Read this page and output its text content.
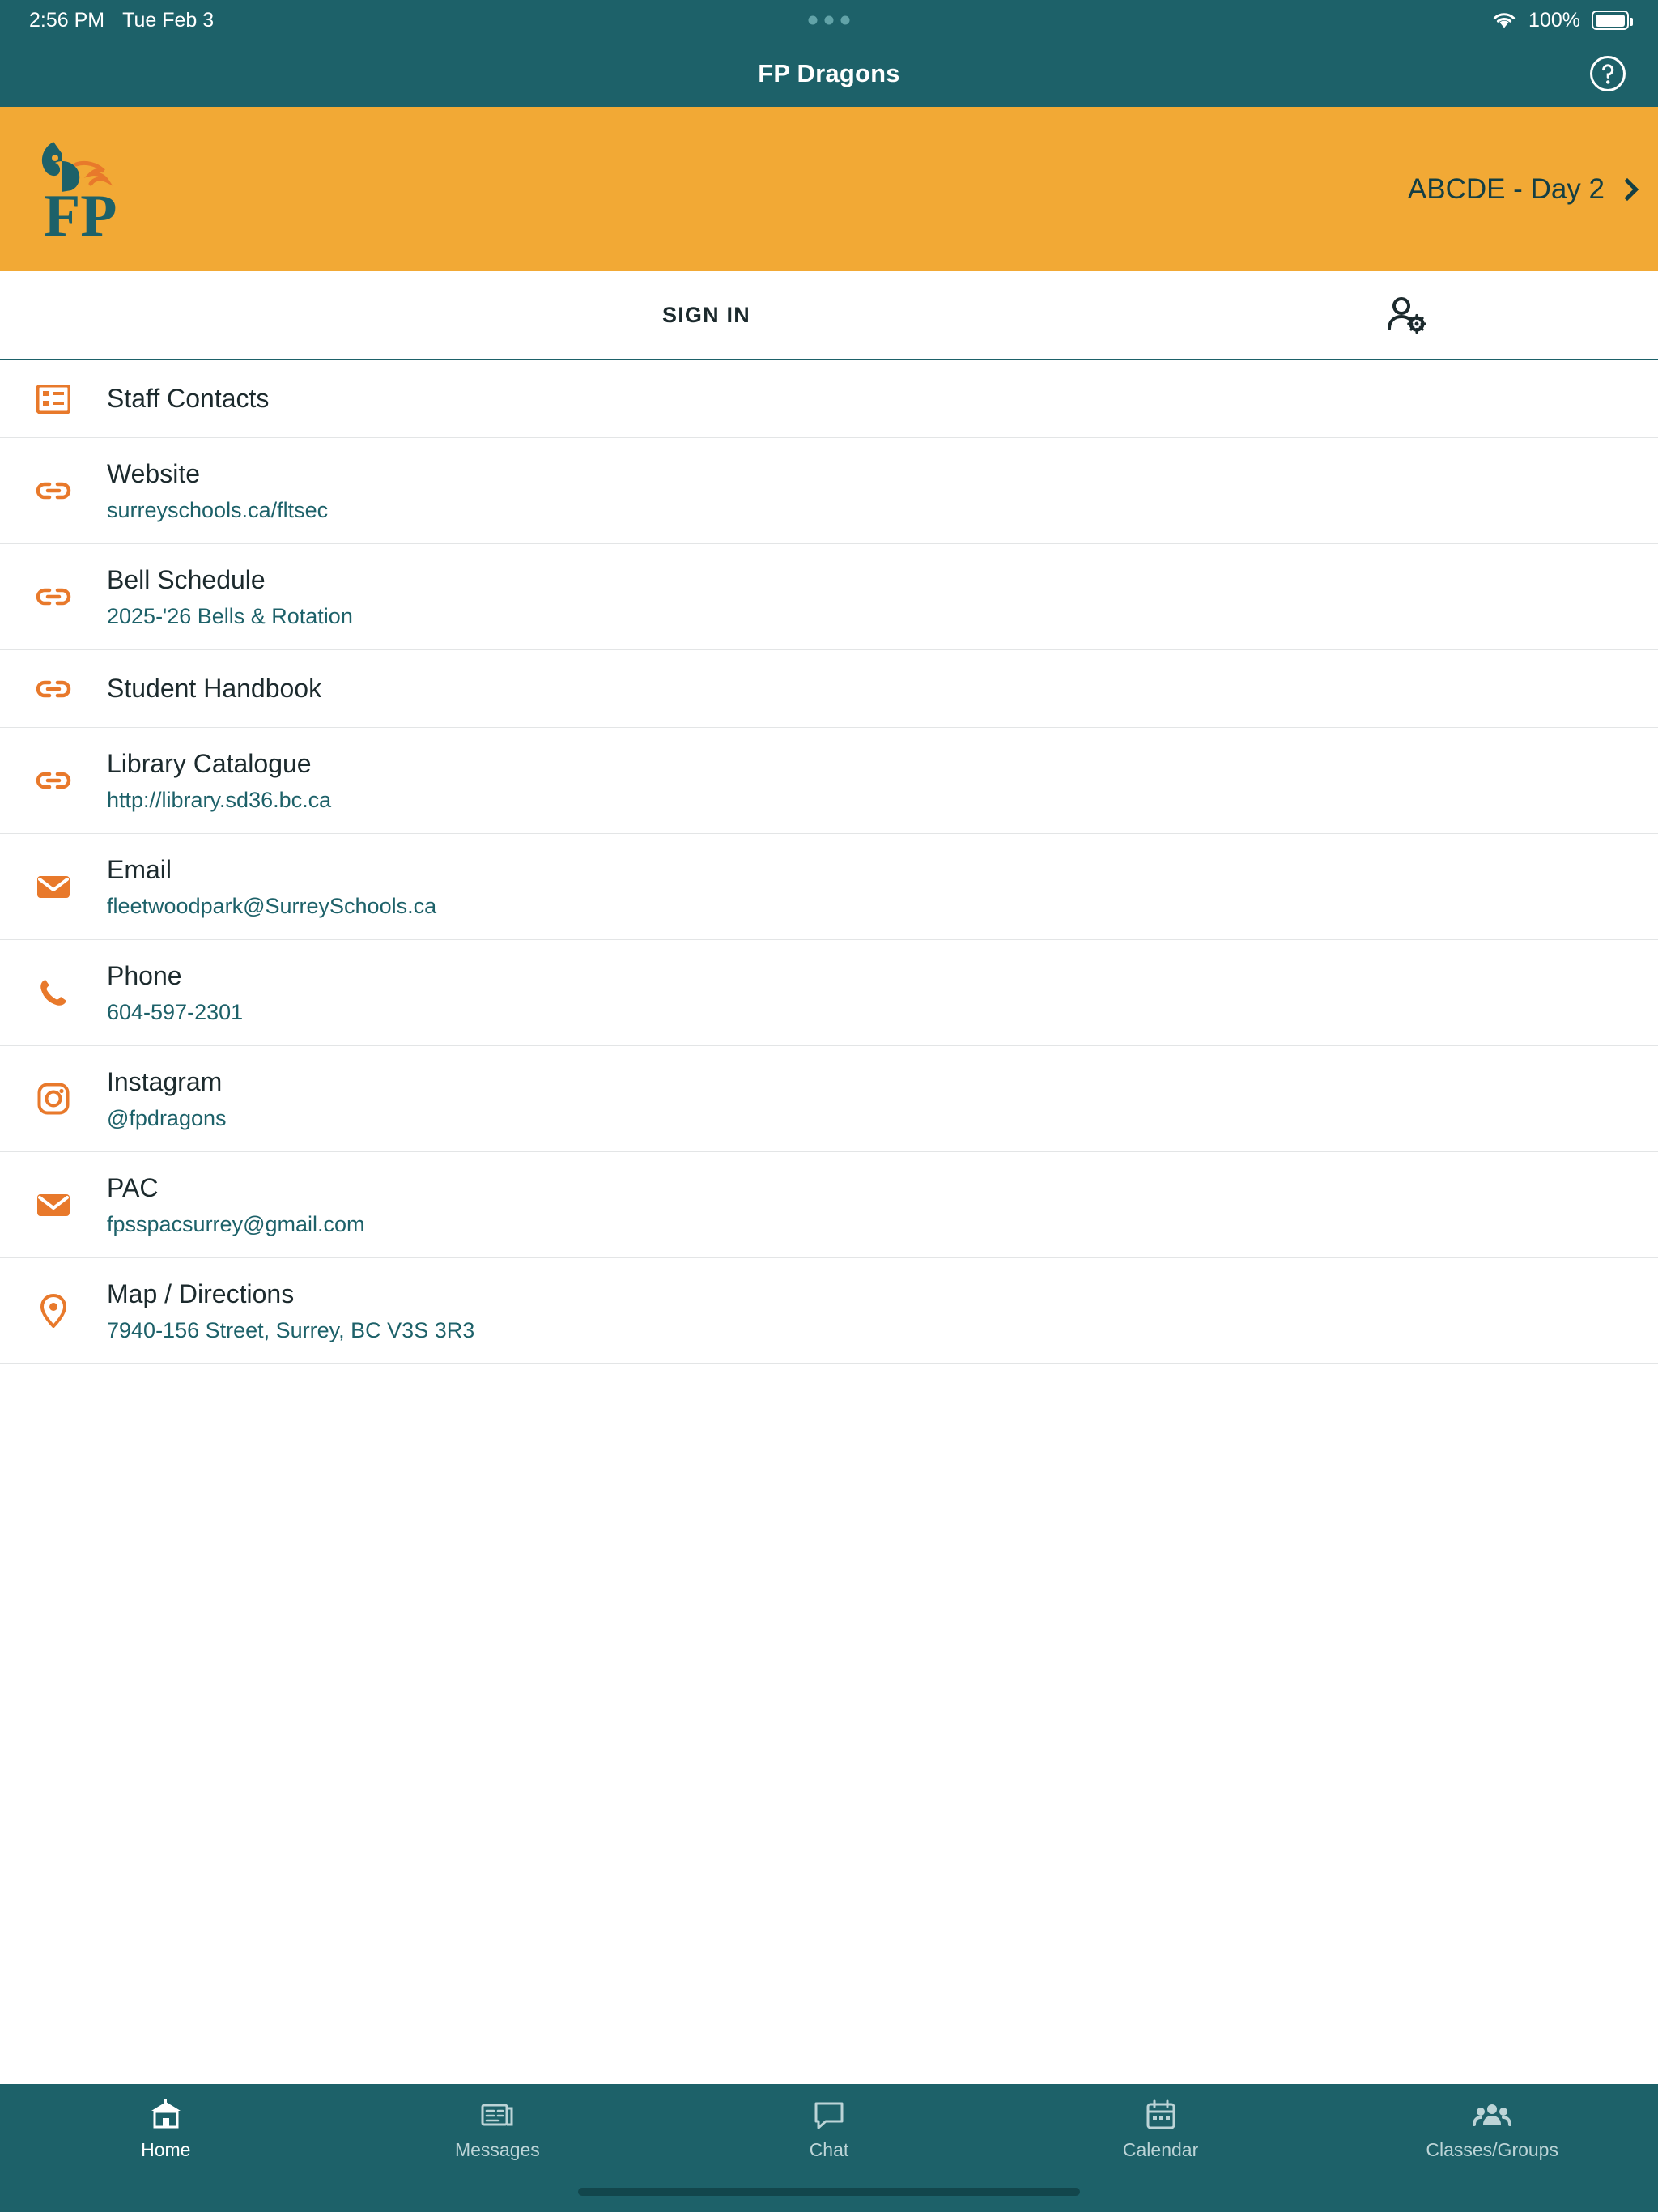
2:56 PM Tue Feb 3	100%
FP Dragons
FP	ABCDE - Day 2
SIGN IN
Staff Contacts
Website
surreyschools.ca/fltsec
Bell Schedule
2025-'26 Bells & Rotation
Student Handbook
Library Catalogue
http://library.sd36.bc.ca
Email
fleetwoodpark@SurreySchools.ca
Phone
604-597-2301
Instagram
@fpdragons
PAC
fpsspacsurrey@gmail.com
Map / Directions
7940-156 Street, Surrey, BC V3S 3R3
Home	Messages	Chat	Calendar	Classes/Groups
